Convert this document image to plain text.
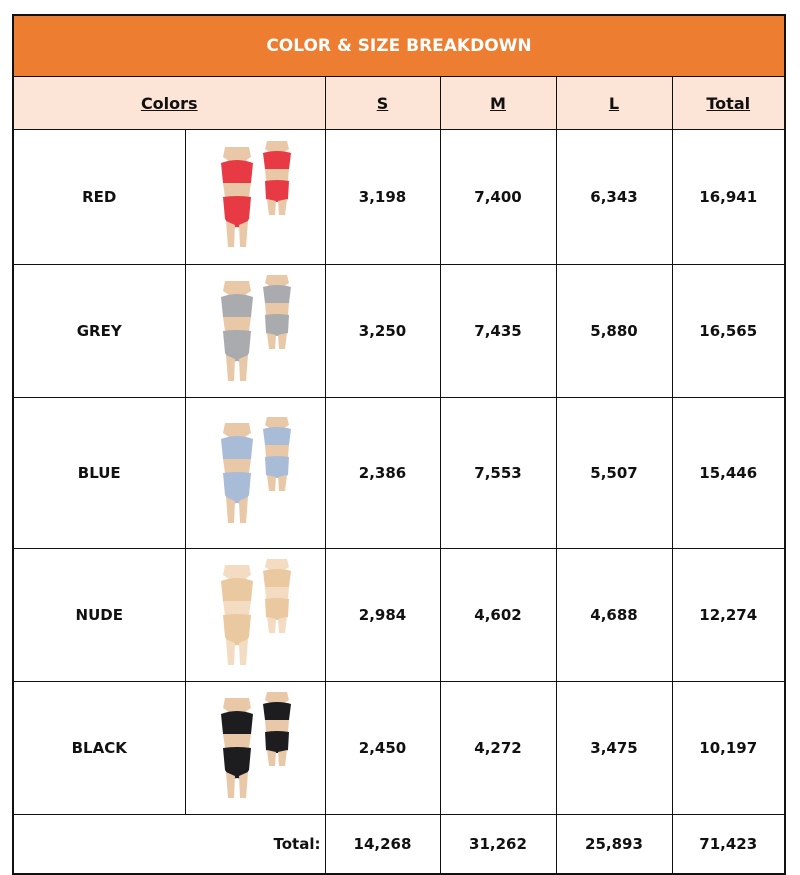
COLOR & SIZE BREAKDOWN
Colors		S	M	L	Total
RED		3,198	7,400	6,343	16,941
GREY		3,250	7,435	5,880	16,565
BLUE		2,386	7,553	5,507	15,446
NUDE		2,984	4,602	4,688	12,274
BLACK		2,450	4,272	3,475	10,197
Total:		14,268	31,262	25,893	71,423
